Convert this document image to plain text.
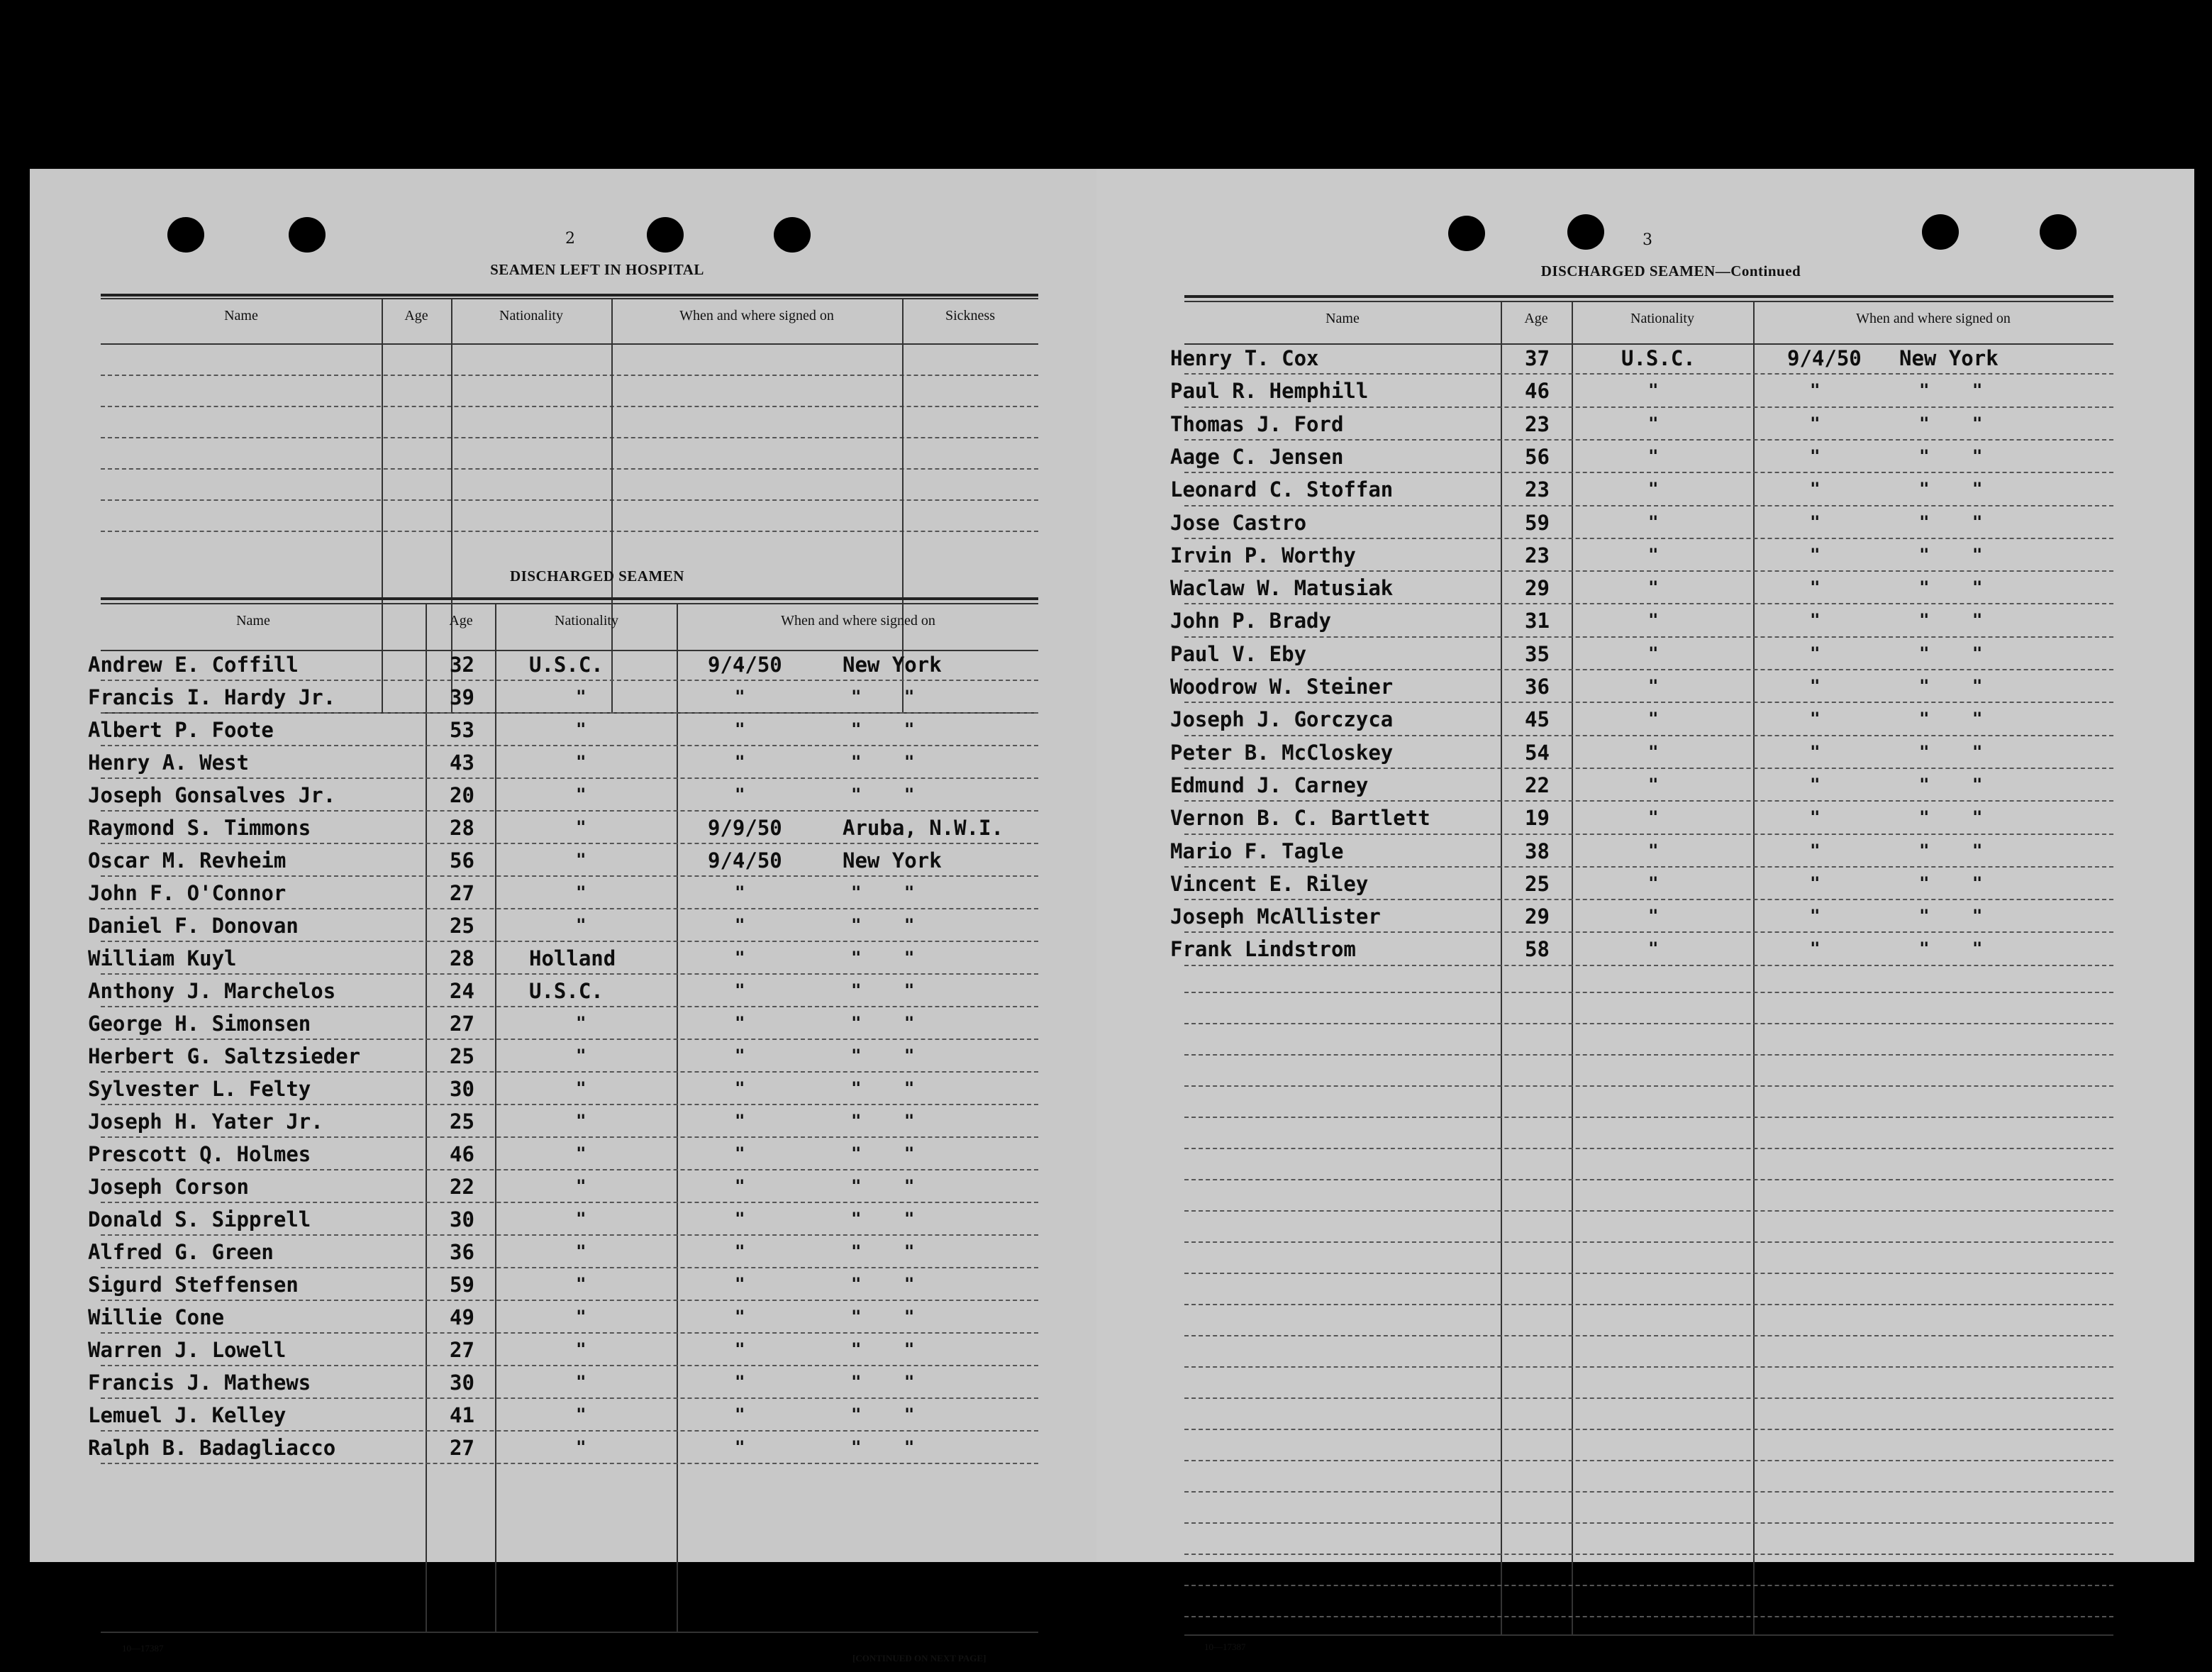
2
SEAMEN LEFT IN HOSPITAL
Name	Age	Nationality	When and where signed on	Sickness
DISCHARGED SEAMEN
Name	Age	Nationality	When and where signed on
Andrew E. Coffill	32	U.S.C.	9/4/50	New York
Francis I. Hardy Jr.	39	"	"	" "
Albert P. Foote	53	"	"	" "
Henry A. West	43	"	"	" "
Joseph Gonsalves Jr.	20	"	"	" "
Raymond S. Timmons	28	"	9/9/50	Aruba, N.W.I.
Oscar M. Revheim	56	"	9/4/50	New York
John F. O'Connor	27	"	"	" "
Daniel F. Donovan	25	"	"	" "
William Kuyl	28	Holland	"	" "
Anthony J. Marchelos	24	U.S.C.	"	" "
George H. Simonsen	27	"	"	" "
Herbert G. Saltzsieder	25	"	"	" "
Sylvester L. Felty	30	"	"	" "
Joseph H. Yater Jr.	25	"	"	" "
Prescott Q. Holmes	46	"	"	" "
Joseph Corson	22	"	"	" "
Donald S. Sipprell	30	"	"	" "
Alfred G. Green	36	"	"	" "
Sigurd Steffensen	59	"	"	" "
Willie Cone	49	"	"	" "
Warren J. Lowell	27	"	"	" "
Francis J. Mathews	30	"	"	" "
Lemuel J. Kelley	41	"	"	" "
Ralph B. Badagliacco	27	"	"	" "
10—17387
[CONTINUED ON NEXT PAGE]
3
DISCHARGED SEAMEN—Continued
Name	Age	Nationality	When and where signed on
Henry T. Cox	37	U.S.C.	9/4/50 New York
Paul R. Hemphill	46	"	"	" "
Thomas J. Ford	23	"	"	" "
Aage C. Jensen	56	"	"	" "
Leonard C. Stoffan	23	"	"	" "
Jose Castro	59	"	"	" "
Irvin P. Worthy	23	"	"	" "
Waclaw W. Matusiak	29	"	"	" "
John P. Brady	31	"	"	" "
Paul V. Eby	35	"	"	" "
Woodrow W. Steiner	36	"	"	" "
Joseph J. Gorczyca	45	"	"	" "
Peter B. McCloskey	54	"	"	" "
Edmund J. Carney	22	"	"	" "
Vernon B. C. Bartlett	19	"	"	" "
Mario F. Tagle	38	"	"	" "
Vincent E. Riley	25	"	"	" "
Joseph McAllister	29	"	"	" "
Frank Lindstrom	58	"	"	" "
10—17387
